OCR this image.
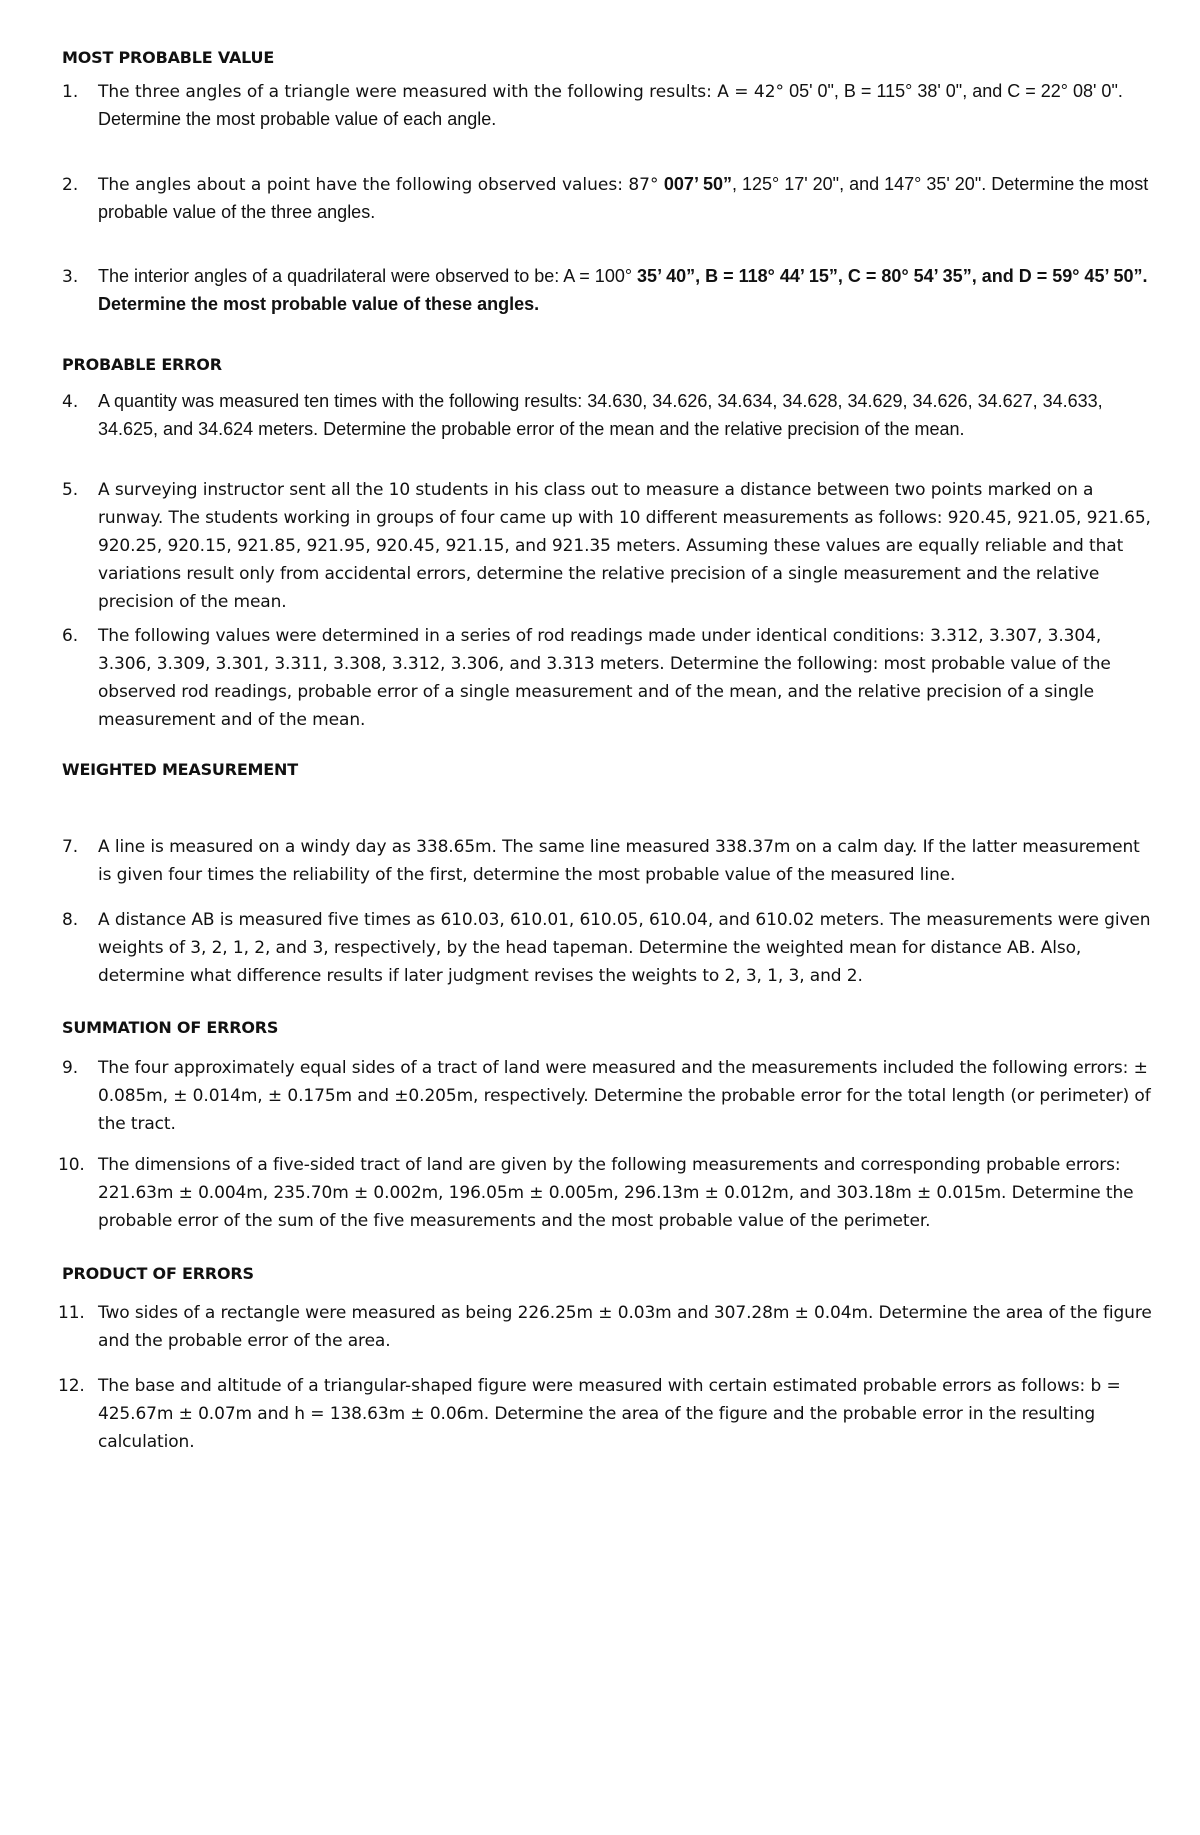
MOST PROBABLE VALUE

1. The three angles of a triangle were measured with the following results: A = 42° 05' 0", B = 115° 38' 0", and C = 22° 08' 0". Determine the most probable value of each angle.
2. The angles about a point have the following observed values: 87° 007’ 50”, 125° 17' 20", and 147° 35' 20". Determine the most probable value of the three angles.
3. The interior angles of a quadrilateral were observed to be: A = 100° 35’ 40”, B = 118° 44’ 15”, C = 80° 54’ 35”, and D = 59° 45’ 50”. Determine the most probable value of these angles.

PROBABLE ERROR

4. A quantity was measured ten times with the following results: 34.630, 34.626, 34.634, 34.628, 34.629, 34.626, 34.627, 34.633, 34.625, and 34.624 meters. Determine the probable error of the mean and the relative precision of the mean.
5. A surveying instructor sent all the 10 students in his class out to measure a distance between two points marked on a runway. The students working in groups of four came up with 10 different measurements as follows: 920.45, 921.05, 921.65, 920.25, 920.15, 921.85, 921.95, 920.45, 921.15, and 921.35 meters. Assuming these values are equally reliable and that variations result only from accidental errors, determine the relative precision of a single measurement and the relative precision of the mean.
6. The following values were determined in a series of rod readings made under identical conditions: 3.312, 3.307, 3.304, 3.306, 3.309, 3.301, 3.311, 3.308, 3.312, 3.306, and 3.313 meters. Determine the following: most probable value of the observed rod readings, probable error of a single measurement and of the mean, and the relative precision of a single measurement and of the mean.

WEIGHTED MEASUREMENT

7. A line is measured on a windy day as 338.65m. The same line measured 338.37m on a calm day. If the latter measurement is given four times the reliability of the first, determine the most probable value of the measured line.
8. A distance AB is measured five times as 610.03, 610.01, 610.05, 610.04, and 610.02 meters. The measurements were given weights of 3, 2, 1, 2, and 3, respectively, by the head tapeman. Determine the weighted mean for distance AB. Also, determine what difference results if later judgment revises the weights to 2, 3, 1, 3, and 2.

SUMMATION OF ERRORS

9. The four approximately equal sides of a tract of land were measured and the measurements included the following errors: ± 0.085m, ± 0.014m, ± 0.175m and ±0.205m, respectively. Determine the probable error for the total length (or perimeter) of the tract.
10. The dimensions of a five-sided tract of land are given by the following measurements and corresponding probable errors: 221.63m ± 0.004m, 235.70m ± 0.002m, 196.05m ± 0.005m, 296.13m ± 0.012m, and 303.18m ± 0.015m. Determine the probable error of the sum of the five measurements and the most probable value of the perimeter.

PRODUCT OF ERRORS

11. Two sides of a rectangle were measured as being 226.25m ± 0.03m and 307.28m ± 0.04m. Determine the area of the figure and the probable error of the area.
12. The base and altitude of a triangular-shaped figure were measured with certain estimated probable errors as follows: b = 425.67m ± 0.07m and h = 138.63m ± 0.06m. Determine the area of the figure and the probable error in the resulting calculation.
